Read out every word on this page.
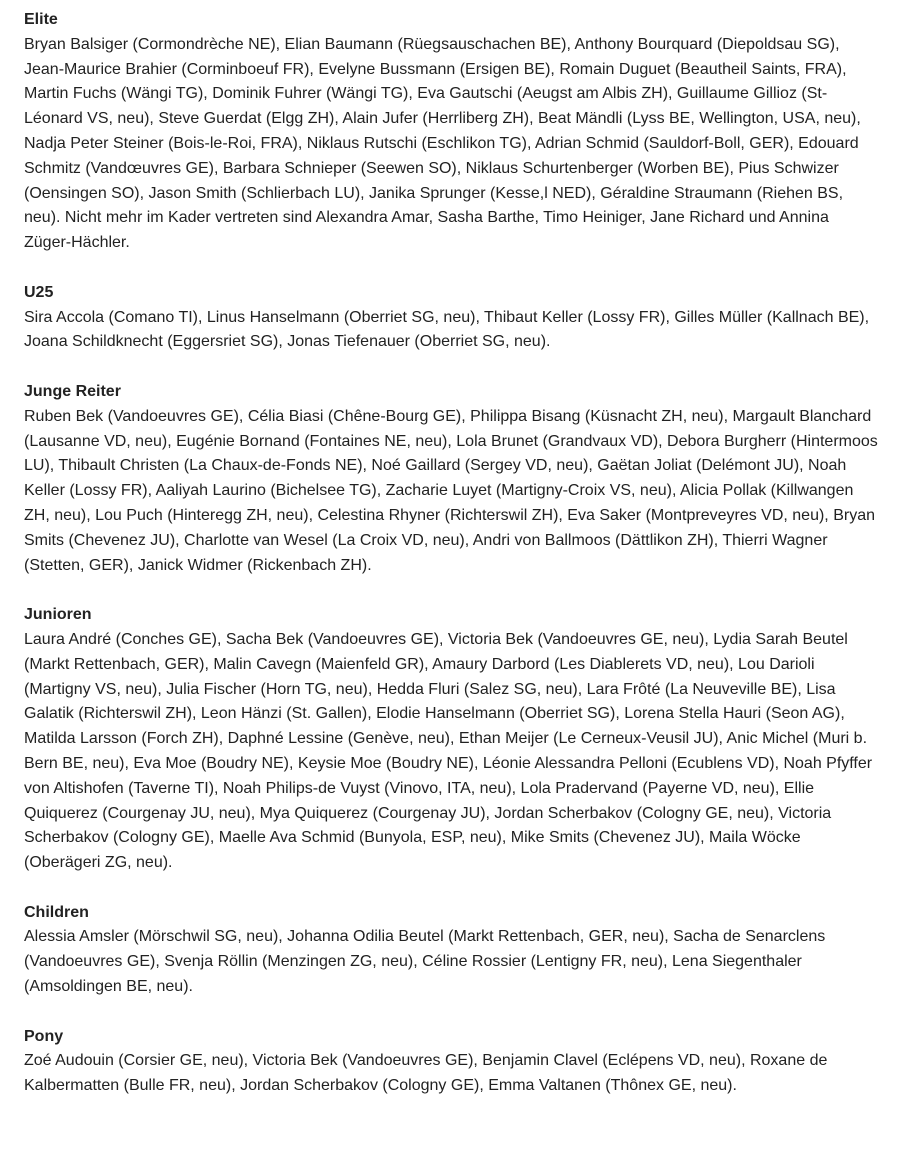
Elite

Bryan Balsiger (Cormondrèche NE), Elian Baumann (Rüegsauschachen BE), Anthony Bourquard (Diepoldsau SG), Jean-Maurice Brahier (Corminboeuf FR), Evelyne Bussmann (Ersigen BE), Romain Duguet (Beautheil Saints, FRA), Martin Fuchs (Wängi TG), Dominik Fuhrer (Wängi TG), Eva Gautschi (Aeugst am Albis ZH), Guillaume Gillioz (St-Léonard VS, neu), Steve Guerdat (Elgg ZH), Alain Jufer (Herrliberg ZH), Beat Mändli (Lyss BE, Wellington, USA, neu), Nadja Peter Steiner (Bois-le-Roi, FRA), Niklaus Rutschi (Eschlikon TG), Adrian Schmid (Sauldorf-Boll, GER), Edouard Schmitz (Vandœuvres GE), Barbara Schnieper (Seewen SO), Niklaus Schurtenberger (Worben BE), Pius Schwizer (Oensingen SO), Jason Smith (Schlierbach LU), Janika Sprunger (Kesse,l NED), Géraldine Straumann (Riehen BS, neu). Nicht mehr im Kader vertreten sind Alexandra Amar, Sasha Barthe, Timo Heiniger, Jane Richard und Annina Züger-Hächler.

U25

Sira Accola (Comano TI), Linus Hanselmann (Oberriet SG, neu), Thibaut Keller (Lossy FR), Gilles Müller (Kallnach BE), Joana Schildknecht (Eggersriet SG), Jonas Tiefenauer (Oberriet SG, neu).

Junge Reiter

Ruben Bek (Vandoeuvres GE), Célia Biasi (Chêne-Bourg GE), Philippa Bisang (Küsnacht ZH, neu), Margault Blanchard (Lausanne VD, neu), Eugénie Bornand (Fontaines NE, neu), Lola Brunet (Grandvaux VD), Debora Burgherr (Hintermoos LU), Thibault Christen (La Chaux-de-Fonds NE), Noé Gaillard (Sergey VD, neu), Gaëtan Joliat (Delémont JU), Noah Keller (Lossy FR), Aaliyah Laurino (Bichelsee TG), Zacharie Luyet (Martigny-Croix VS, neu), Alicia Pollak (Killwangen ZH, neu), Lou Puch (Hinteregg ZH, neu), Celestina Rhyner (Richterswil ZH), Eva Saker (Montpreveyres VD, neu), Bryan Smits (Chevenez JU), Charlotte van Wesel (La Croix VD, neu), Andri von Ballmoos (Dättlikon ZH), Thierri Wagner (Stetten, GER), Janick Widmer (Rickenbach ZH).

Junioren

Laura André (Conches GE), Sacha Bek (Vandoeuvres GE), Victoria Bek (Vandoeuvres GE, neu), Lydia Sarah Beutel (Markt Rettenbach, GER), Malin Cavegn (Maienfeld GR), Amaury Darbord (Les Diablerets VD, neu), Lou Darioli (Martigny VS, neu), Julia Fischer (Horn TG, neu), Hedda Fluri (Salez SG, neu), Lara Frôté (La Neuveville BE), Lisa Galatik (Richterswil ZH), Leon Hänzi (St. Gallen), Elodie Hanselmann (Oberriet SG), Lorena Stella Hauri (Seon AG), Matilda Larsson (Forch ZH), Daphné Lessine (Genève, neu), Ethan Meijer (Le Cerneux-Veusil JU), Anic Michel (Muri b. Bern BE, neu), Eva Moe (Boudry NE), Keysie Moe (Boudry NE), Léonie Alessandra Pelloni (Ecublens VD), Noah Pfyffer von Altishofen (Taverne TI), Noah Philips-de Vuyst (Vinovo, ITA, neu), Lola Pradervand (Payerne VD, neu), Ellie Quiquerez (Courgenay JU, neu), Mya Quiquerez (Courgenay JU), Jordan Scherbakov (Cologny GE, neu), Victoria Scherbakov (Cologny GE), Maelle Ava Schmid (Bunyola, ESP, neu), Mike Smits (Chevenez JU), Maila Wöcke (Oberägeri ZG, neu).

Children

Alessia Amsler (Mörschwil SG, neu), Johanna Odilia Beutel (Markt Rettenbach, GER, neu), Sacha de Senarclens (Vandoeuvres GE), Svenja Röllin (Menzingen ZG, neu), Céline Rossier (Lentigny FR, neu), Lena Siegenthaler (Amsoldingen BE, neu).

Pony

Zoé Audouin (Corsier GE, neu), Victoria Bek (Vandoeuvres GE), Benjamin Clavel (Eclépens VD, neu), Roxane de Kalbermatten (Bulle FR, neu), Jordan Scherbakov (Cologny GE), Emma Valtanen (Thônex GE, neu).
